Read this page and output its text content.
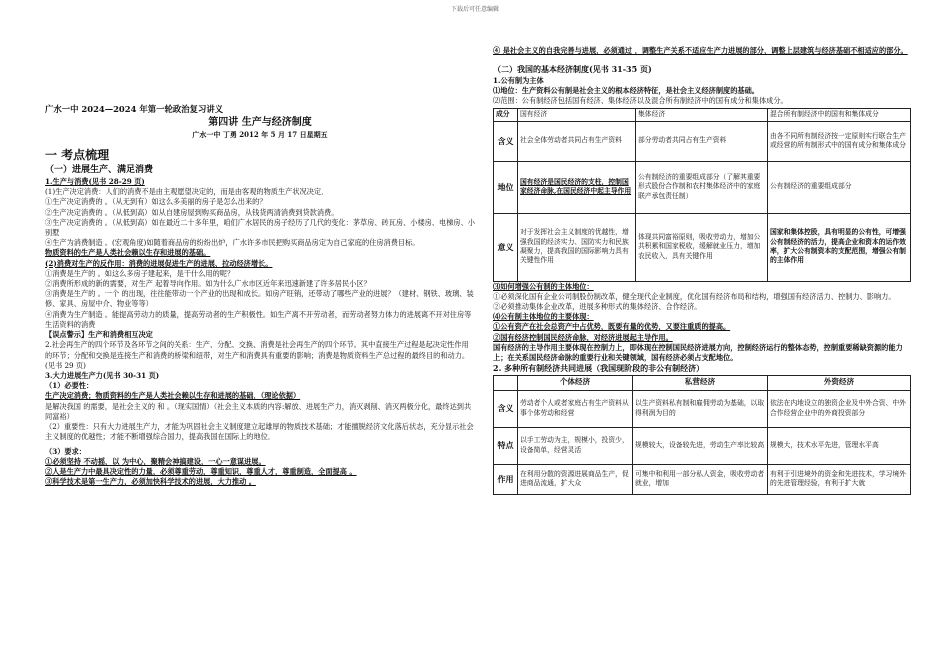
下载后可任意编辑

广水一中 2024—2024 年第一轮政治复习讲义

第四讲 生产与经济制度

广水一中 丁勇 2012 年 5 月 17 日星期五

一 考点梳理

（一）进展生产、满足消费

1.生产与消费(见书 28-29 页)

(1)生产决定消费：人们的消费不是由主观愿望决定的，而是由客观的物质生产状况决定．

①生产决定消费的 。（从无到有）如这么多美丽的房子是怎么出来的？

②生产决定消费的 。（从低到高）如从自建房屋到购买商品房，从钱货两清消费到贷款消费。

③生产决定消费的 。（从低到高）如在最近二十多年里，咱们广水居民的房子经历了几代的变化：茅草房、砖瓦房、小楼房、电梯房、小别墅

④生产为消费制造 。(宏观角度)如随着商品房的纷纷出炉，广水许多市民把购买商品房定为自己家庭的住房消费目标。

物质资料的生产是人类社会赖以生存和进展的基础。

(2)消费对生产的反作用：消费的进展促进生产的进展、拉动经济增长。

①消费是生产的 。如这么多房子建起来，是干什么用的呢？

②消费所形成的新的需要，对生产 起着导向作用。如为什么广水市区近年来迅速新建了许多居民小区？

③消费是生产的 。一个 的出现，往往能带动一个产业的出现和成长。如房产旺销，还带动了哪些产业的进展？（建材、钢铁、玻璃、装修、家具、房屋中介、物业等等）

④消费为生产制造 。能提高劳动力的质量，提高劳动者的生产积极性。如生产离不开劳动者，而劳动者努力体力的进展离不开对住房等生活资料的消费

【误点警示】生产和消费相互决定

2.社会再生产的四个环节及各环节之间的关系：生产、分配、交换、消费是社会再生产的四个环节。其中直接生产过程是起决定性作用的环节；分配和交换是连接生产和消费的桥梁和纽带，对生产和消费具有重要的影响；消费是物质资料生产总过程的最终目的和动力。(见书 29 页)

3.大力进展生产力(见书 30-31 页)

（1）必要性：

生产决定消费；物质资料的生产是人类社会赖以生存和进展的基础．（理论依据）

是解决我国 的需要，是社会主义的 和 。（现实国情）（社会主义本质的内容:解放、进展生产力，消灭剥削、消灭两极分化，最终达到共同富裕）

（2）重要性：只有大力进展生产力，才能为巩固社会主义制度建立起雄厚的物质技术基础；才能擅脱经济文化落后状态，充分显示社会主义制度的优越性；才能不断增强综合国力，提高我国在国际上的地位．

（3）要求：

①必须坚持 不动摇，以 为中心，聚精会神搞建设，一心一意谋进展。

②人是生产力中最具决定性的力量，必须尊重劳动，尊重知识，尊重人才，尊重制造，全面提高 。

③科学技术是第一生产力，必须加快科学技术的进展，大力推动 。

④ 是社会主义的自我完善与进展，必须通过 ，调整生产关系不适应生产力进展的部分，调整上层建筑与经济基础不相适应的部分。

（二）我国的基本经济制度(见书 31-35 页)

1.公有制为主体

⑴地位：生产资料公有制是社会主义的根本经济特征，是社会主义经济制度的基础。

⑵范围：公有制经济包括国有经济、集体经济以及混合所有制经济中的国有成分和集体成分。

成分	国有经济	集体经济	混合所有制经济中的国有和集体成分
含义	社会全体劳动者共同占有生产资料	部分劳动者共同占有生产资料	由各不同所有制经济按一定原则实行联合生产或经营的所有制形式中的国有成分和集体成分
地位	国有经济是国民经济的支柱，控制国家经济命脉,在国民经济中起主导作用	公有制经济的重要组成部分（了解其重要形式股份合作制和农村集体经济中的家庭联产承包责任制）	公有制经济的重要组成部分
意义	对于发挥社会主义制度的优越性，增强我国的经济实力、国防实力和民族凝聚力，提高我国的国际影响力具有关键性作用	体现共同富裕原则，吸收劳动力，增加公共积累和国家税收，缓解就业压力，增加农民收入，具有关键作用	国家和集体控股，具有明显的公有性，可增强公有制经济的活力，提高企业和资本的运作效率，扩大公有制资本的支配范围，增强公有制的主体作用

⑶如何增强公有制的主体地位：

①必须深化国有企业公司制股份制改革，健全现代企业制度，优化国有经济布局和结构，增强国有经济活力、控制力、影响力。

②必须推动集体企业改革，进展多种形式的集体经济、合作经济。

⑷公有制主体地位的主要体现：

①公有资产在社会总资产中占优势，既要有量的优势，又要注重质的提高。

②国有经济控制国民经济命脉，对经济进展起主导作用。

国有经济的主导作用主要体现在控制力上，即体现在控制国民经济进展方向，控制经济运行的整体态势，控制重要稀缺资源的能力上；在关系国民经济命脉的重要行业和关键领域，国有经济必须占支配地位。

2. 多种所有制经济共同进展（我国现阶段的非公有制经济）

	个体经济	私营经济	外资经济
含义	劳动者个人或者家庭占有生产资料从事个体劳动和经营	以生产资料私有制和雇佣劳动为基础，以取得利润为目的	依法在内地设立的独资企业及中外合资、中外合作经营企业中的外商投资部分
特点	以手工劳动为主，规模小，投资少，设备简单，经营灵活	规模较大，设备较先进，劳动生产率比较高	规模大，技术水平先进，管理水平高
作用	在利用分散的资源进展商品生产，促进商品流通，扩大众	可集中和利用一部分私人资金，吸收劳动者就业，增加	有利于引进境外的资金和先进技术，学习境外的先进管理经验，有利于扩大就
